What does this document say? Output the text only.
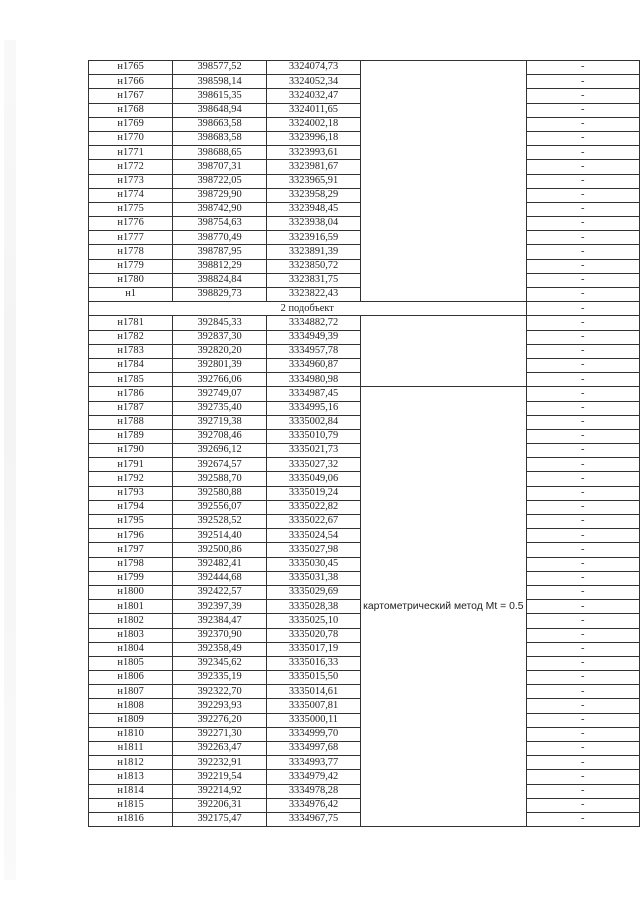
н1765	398577,52	3324074,73		-
н1766	398598,14	3324052,34		-
н1767	398615,35	3324032,47		-
н1768	398648,94	3324011,65		-
н1769	398663,58	3324002,18		-
н1770	398683,58	3323996,18		-
н1771	398688,65	3323993,61		-
н1772	398707,31	3323981,67		-
н1773	398722,05	3323965,91		-
н1774	398729,90	3323958,29		-
н1775	398742,90	3323948,45		-
н1776	398754,63	3323938,04		-
н1777	398770,49	3323916,59		-
н1778	398787,95	3323891,39		-
н1779	398812,29	3323850,72		-
н1780	398824,84	3323831,75		-
н1	398829,73	3323822,43		-
2 подобъект				-
н1781	392845,33	3334882,72		-
н1782	392837,30	3334949,39		-
н1783	392820,20	3334957,78		-
н1784	392801,39	3334960,87		-
н1785	392766,06	3334980,98		-
н1786	392749,07	3334987,45	картометрический метод Mt = 0.5	-
н1787	392735,40	3334995,16		-
н1788	392719,38	3335002,84		-
н1789	392708,46	3335010,79		-
н1790	392696,12	3335021,73		-
н1791	392674,57	3335027,32		-
н1792	392588,70	3335049,06		-
н1793	392580,88	3335019,24		-
н1794	392556,07	3335022,82		-
н1795	392528,52	3335022,67		-
н1796	392514,40	3335024,54		-
н1797	392500,86	3335027,98		-
н1798	392482,41	3335030,45		-
н1799	392444,68	3335031,38		-
н1800	392422,57	3335029,69		-
н1801	392397,39	3335028,38		-
н1802	392384,47	3335025,10		-
н1803	392370,90	3335020,78		-
н1804	392358,49	3335017,19		-
н1805	392345,62	3335016,33		-
н1806	392335,19	3335015,50		-
н1807	392322,70	3335014,61		-
н1808	392293,93	3335007,81		-
н1809	392276,20	3335000,11		-
н1810	392271,30	3334999,70		-
н1811	392263,47	3334997,68		-
н1812	392232,91	3334993,77		-
н1813	392219,54	3334979,42		-
н1814	392214,92	3334978,28		-
н1815	392206,31	3334976,42		-
н1816	392175,47	3334967,75		-
